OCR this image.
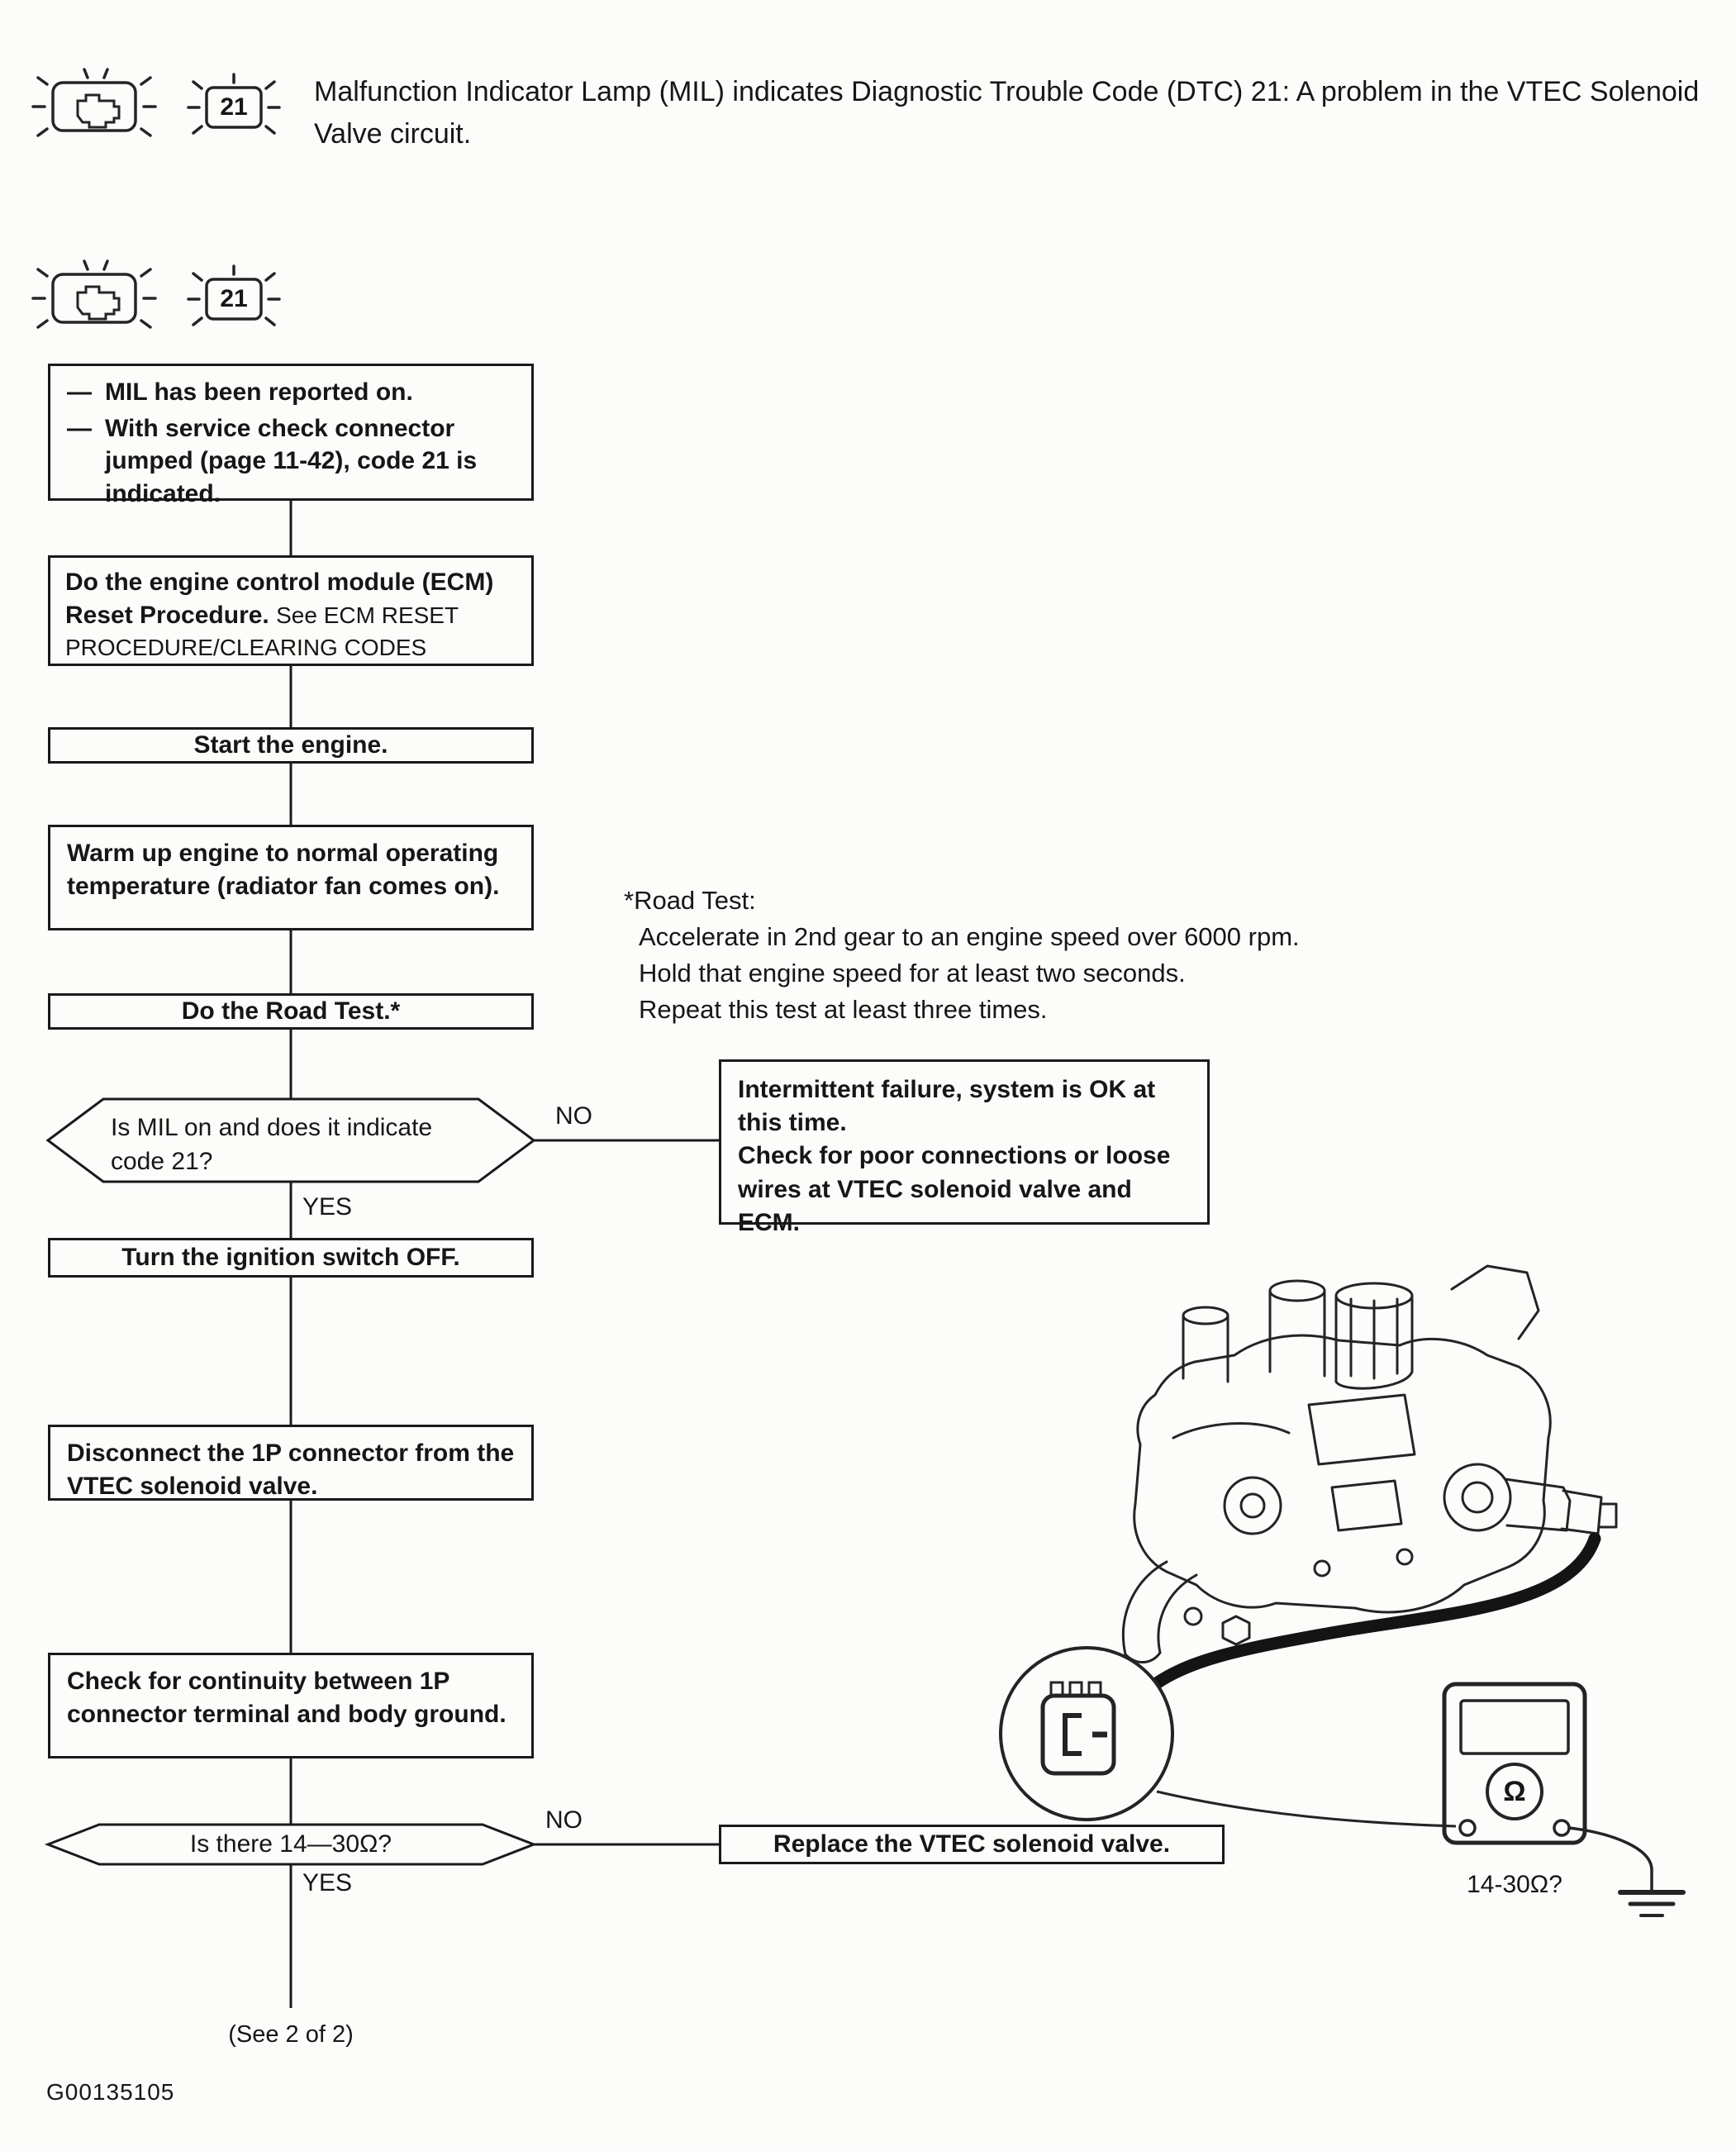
Malfunction Indicator Lamp (MIL) indicates Diagnostic Trouble Code (DTC) 21: A problem in the VTEC Solenoid Valve circuit.
21
21
— MIL has been reported on.
— With service check connector jumped (page 11-42), code 21 is indicated.
Do the engine control module (ECM) Reset Procedure. See ECM RESET PROCEDURE/CLEARING CODES
Start the engine.
Warm up engine to normal operating temperature (radiator fan comes on).
Do the Road Test.*
Is MIL on and does it indicate code 21?
NO
YES
Intermittent failure, system is OK at this time.
Check for poor connections or loose wires at VTEC solenoid valve and ECM.
Turn the ignition switch OFF.
Disconnect the 1P connector from the VTEC solenoid valve.
Check for continuity between 1P connector terminal and body ground.
Is there 14—30Ω?
NO
YES
Replace the VTEC solenoid valve.
*Road Test:
Accelerate in 2nd gear to an engine speed over 6000 rpm.
Hold that engine speed for at least two seconds.
Repeat this test at least three times.
Ω
14-30Ω?
(See 2 of 2)
G00135105
